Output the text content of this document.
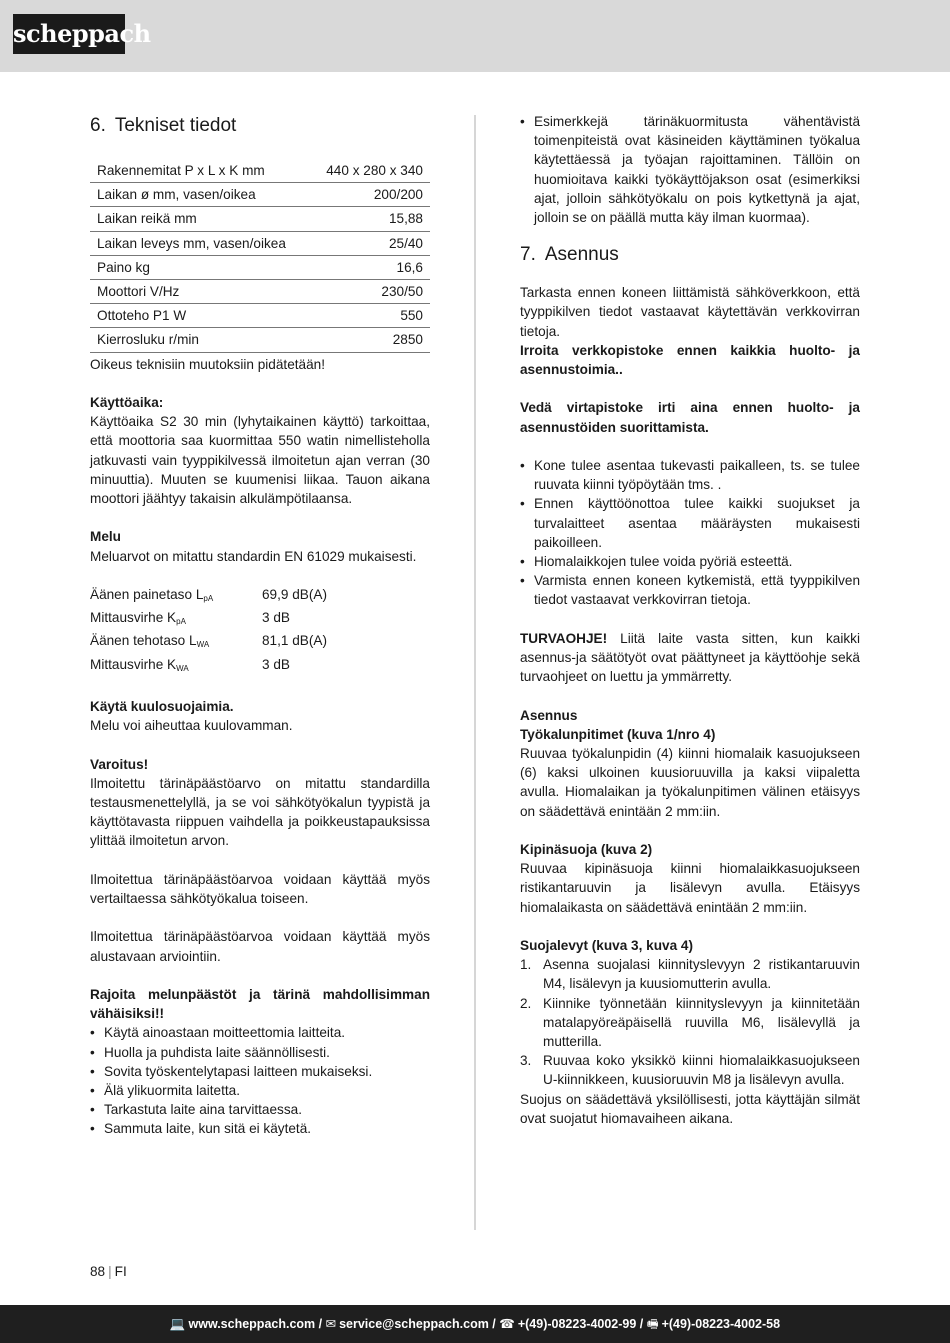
scheppach
6. Tekniset tiedot
Rakennemitat P x L x K mm	440 x 280 x 340
Laikan ø mm, vasen/oikea	200/200
Laikan reikä mm	15,88
Laikan leveys mm, vasen/oikea	25/40
Paino kg	16,6
Moottori V/Hz	230/50
Ottoteho P1 W	550
Kierrosluku r/min	2850

Oikeus teknisiin muutoksiin pidätetään!

Käyttöaika:

Käyttöaika S2 30 min (lyhytaikainen käyttö) tarkoittaa, että moottoria saa kuormittaa 550 watin nimellisteholla jatkuvasti vain tyyppikilvessä ilmoitetun ajan verran (30 minuuttia). Muuten se kuumenisi liikaa. Tauon aikana moottori jäähtyy takaisin alkulämpötilaansa.

Melu

Meluarvot on mitattu standardin EN 61029 mukaisesti.

Äänen painetaso $L_{pA}$	69,9 dB(A)
Mittausvirhe $K_{pA}$	3 dB
Äänen tehotaso $L_{WA}$	81,1 dB(A)
Mittausvirhe $K_{WA}$	3 dB

Käytä kuulosuojaimia.

Melu voi aiheuttaa kuulovamman.

Varoitus!

Ilmoitettu tärinäpäästöarvo on mitattu standardilla testausmenettelyllä, ja se voi sähkötyökalun tyypistä ja käyttötavasta riippuen vaihdella ja poikkeustapauksissa ylittää ilmoitetun arvon.

Ilmoitettua tärinäpäästöarvoa voidaan käyttää myös vertailtaessa sähkötyökalua toiseen.

Ilmoitettua tärinäpäästöarvoa voidaan käyttää myös alustavaan arviointiin.

Rajoita melunpäästöt ja tärinä mahdollisimman vähäisiksi!!

• Käytä ainoastaan moitteettomia laitteita.
• Huolla ja puhdista laite säännöllisesti.
• Sovita työskentelytapasi laitteen mukaiseksi.
• Älä ylikuormita laitetta.
• Tarkastuta laite aina tarvittaessa.
• Sammuta laite, kun sitä ei käytetä.
• Esimerkkejä tärinäkuormitusta vähentävistä toimenpiteistä ovat käsineiden käyttäminen työkalua käytettäessä ja työajan rajoittaminen. Tällöin on huomioitava kaikki työkäyttöjakson osat (esimerkiksi ajat, jolloin sähkötyökalu on pois kytkettynä ja ajat, jolloin se on päällä mutta käy ilman kuormaa).
7. Asennus

Tarkasta ennen koneen liittämistä sähköverkkoon, että tyyppikilven tiedot vastaavat käytettävän verkkovirran tietoja.

Irroita verkkopistoke ennen kaikkia huolto- ja asennustoimia..

Vedä virtapistoke irti aina ennen huolto- ja asennustöiden suorittamista.

• Kone tulee asentaa tukevasti paikalleen, ts. se tulee ruuvata kiinni työpöytään tms. .
• Ennen käyttöönottoa tulee kaikki suojukset ja turvalaitteet asentaa määräysten mukaisesti paikoilleen.
• Hiomalaikkojen tulee voida pyöriä esteettä.
• Varmista ennen koneen kytkemistä, että tyyppikilven tiedot vastaavat verkkovirran tietoja.

TURVAOHJE! Liitä laite vasta sitten, kun kaikki asennus-ja säätötyöt ovat päättyneet ja käyttöohje sekä turvaohjeet on luettu ja ymmärretty.

Asennus

Työkalunpitimet (kuva 1/nro 4)

Ruuvaa työkalunpidin (4) kiinni hiomalaik kasuojukseen (6) kaksi ulkoinen kuusioruuvilla ja kaksi viipaletta avulla. Hiomalaikan ja työkalunpitimen välinen etäisyys on säädettävä enintään 2 mm:iin.

Kipinäsuoja (kuva 2)

Ruuvaa kipinäsuoja kiinni hiomalaikkasuojukseen ristikantaruuvin ja lisälevyn avulla. Etäisyys hiomalaikasta on säädettävä enintään 2 mm:iin.

Suojalevyt (kuva 3, kuva 4)

1. Asenna suojalasi kiinnityslevyyn 2 ristikantaruuvin M4, lisälevyn ja kuusiomutterin avulla.
2. Kiinnike työnnetään kiinnityslevyyn ja kiinnitetään matalapyöreäpäisellä ruuvilla M6, lisälevyllä ja mutterilla.
3. Ruuvaa koko yksikkö kiinni hiomalaikkasuojukseen U-kiinnikkeen, kuusioruuvin M8 ja lisälevyn avulla.

Suojus on säädettävä yksilöllisesti, jotta käyttäjän silmät ovat suojatut hiomavaiheen aikana.

88 | FI
💻 www.scheppach.com / ✉ service@scheppach.com / ☎ +(49)-08223-4002-99 / 🖷 +(49)-08223-4002-58
